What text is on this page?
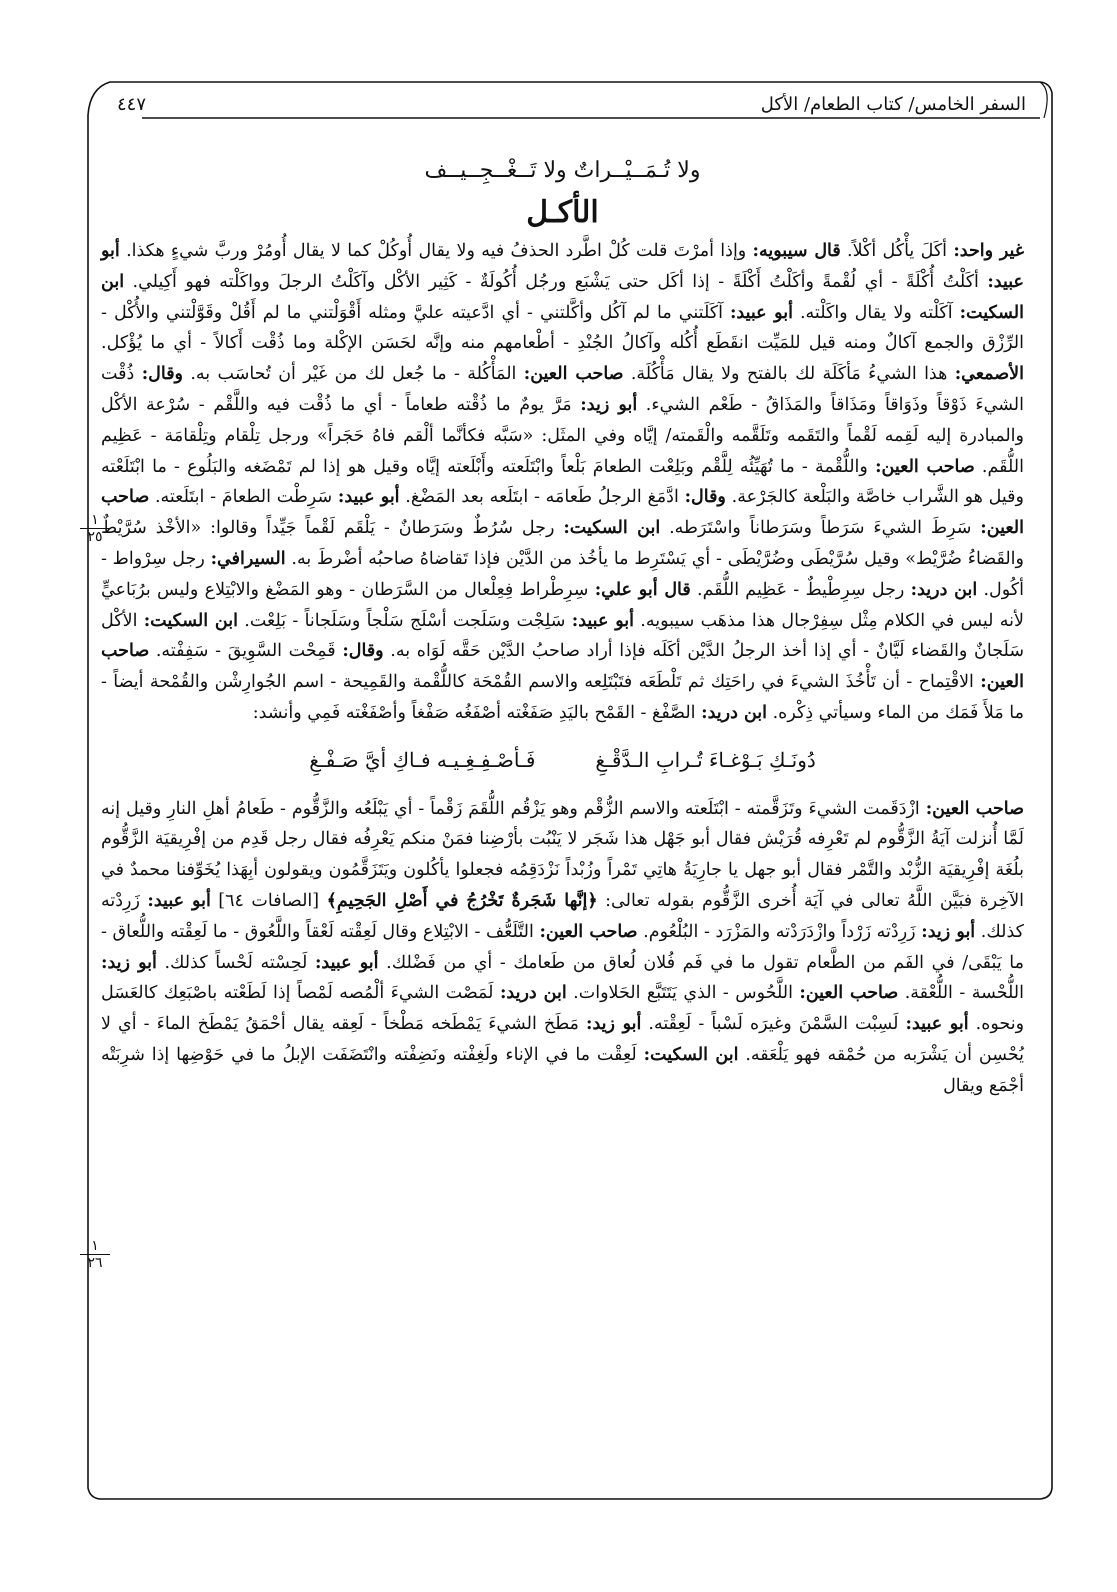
السفر الخامس/ كتاب الطعام/ الأكل
٤٤٧
ولا تُـمَــيْــراتٌ ولا تَــغْــجِــيــف
الأكـل

غير واحد: أكَلَ يأْكُل أكْلاً. قال سيبويه: وإذا أمرْتَ قلت كُلْ اطَّرد الحذفُ فيه ولا يقال أُوكُلْ كما لا يقال أُومُرْ وربَّ شيءٍ هكذا. أبو عبيد: أكَلْتُ أُكْلَةً - أي لُقْمةً وأكَلْتُ أَكْلَةً - إذا أكَل حتى يَشْبَع ورجُل أُكُولَةٌ - كَثِير الأكْل وآكَلْتُ الرجلَ وواكَلْته فهو أَكِيلي. ابن السكيت: آكَلْته ولا يقال واكَلْته. أبو عبيد: آكَلَتني ما لم آكُل وأكَّلتني - أي ادَّعيته عليَّ ومثله أَقْوَلْتني ما لم أَقُلْ وقَوَّلْتني والأُكْل - الرِّزْق والجمع آكالٌ ومنه قيل للمَيِّت انقَطَع أُكُله وآكالُ الجُنْدِ - أطْعامهم منه وإنَّه لحَسَن الإكْلة وما ذُقْت أَكالاً - أي ما يُؤْكل. الأصمعي: هذا الشيءُ مَأكَلَة لك بالفتح ولا يقال مَأْكُلَة. صاحب العين: المَأْكُلة - ما جُعل لك من غَيْر أن تُحاسَب به. وقال: ذُقْت الشيءَ ذَوْقاً وذَوَاقاً ومَذَاقاً والمَذَاقُ - طَعْم الشيء. أبو زيد: مَرَّ يومٌ ما ذُقْته طعاماً - أي ما ذُقْت فيه واللَّقْم - سُرْعة الأكْل والمبادرة إليه لَقِمه لَقْماً والتَقَمه وتَلَقَّمه والْقَمته/ إيَّاه وفي المثَل: «سَبَّه فكأنَّما ألْقم فاهُ حَجَراً» ورجل تِلْقام وتِلْقامَة - عَظِيم اللُّقَم. صاحب العين: واللُّقْمة - ما تُهَيِّئُه لِلَّقْم وبَلِعْت الطعامَ بَلْعاً وابْتَلَعته وأَبْلَعته إيَّاه وقيل هو إذا لم تَمْضَغه والبَلُوع - ما ابْتَلَعْته وقيل هو الشَّراب خاصَّة والبَلْعة كالجَرْعة. وقال: ادَّمَغ الرجلُ طَعامَه - ابتَلَعه بعد المَضْغ. أبو عبيد: سَرِطْت الطعامَ - ابتَلَعته. صاحب العين: سَرِطَ الشيءَ سَرَطاً وسَرَطاناً واسْتَرَطه. ابن السكيت: رجل سُرُطٌ وسَرَطانٌ - يَلْقَم لَقْماً جَيِّداً وقالوا: «الأخْذ سُرَّيْطٌ والقَضاءُ ضُرَّيْط» وقيل سُرَّيْطَى وضُرَّيْطَى - أي يَسْتَرِط ما يأخُذ من الدَّيْن فإذا تَقاضاهُ صاحبُه أضْرطَ به. السيرافي: رجل سِرْواط - أكُول. ابن دريد: رجل سِرِطْيطٌ - عَظِيم اللُّقَم. قال أبو علي: سِرِطْراط فِعِلْعال من السَّرَطان - وهو المَضْغ والابْتِلاع وليس برُبَاعيٍّ لأنه ليس في الكلام مِثْل سِفِرْجال هذا مذهَب سيبويه. أبو عبيد: سَلِجْت وسَلَجت أسْلَج سَلْجاً وسَلَجاناً - بَلِعْت. ابن السكيت: الأكْل سَلَجانٌ والقَضاء لَيَّانٌ - أي إذا أخذ الرجلُ الدَّيْن أكَلَه فإذا أراد صاحبُ الدَّيْن حَقَّه لَوَاه به. وقال: قَمِحْت السَّوِيقَ - سَفِفْته. صاحب العين: الاقْتِماح - أن تَأْخُذَ الشيءَ في راحَتِك ثم تَلْطَعَه فتَبْتَلِعه والاسم القُمْحَة كاللُّقْمة والقَمِيحة - اسم الجُوارِشْن والقُمْحة أيضاً - ما مَلأَ فَمَك من الماء وسيأتي ذِكْره. ابن دريد: الصَّفْغ - القَمْح باليَدِ صَفَغْته أصْفَغُه صَفْغاً وأصْفَغْته فَمِي وأنشد:

دُونَـكِ بَـوْغـاءَ تُـرابِ الـدَّقْـغِ
فَـأصْـفِـغِـيـه فـاكِ أيَّ صَـفْـغِ

صاحب العين: ازْدَقَمت الشيءَ وتَزَقَّمته - ابْتَلَعته والاسم الزُّقْم وهو يَزْقُم اللُّقَمَ زَقْماً - أي يَبْلَعُه والزَّقُّوم - طَعامُ أهلِ النارِ وقيل إنه لَمَّا أُنزلت آيَةُ الزَّقُّوم لم تَعْرِفه قُرَيْش فقال أبو جَهْل هذا شَجَر لا يَنْبُت بأرْضِنا فمَنْ منكم يَعْرِفُه فقال رجل قَدِم من إفْرِيقيَة الزَّقُّوم بلُغَة إفْرِيقيَة الزُّبْد والتَّمْر فقال أبو جهل يا جارِيَةُ هاتِي تَمْراً وزُبْداً نَزْدَقِمُه فجعلوا يأكُلون ويَتَزَقَّمُون ويقولون أبِهَذا يُخَوِّفنا محمدٌ في الآخِرة فبَيَّن اللَّهُ تعالى في آيَة أُخرى الزَّقُّوم بقوله تعالى: ﴿إنَّها شَجَرةٌ تَخْرُجُ في أَصْلِ الجَحِيمِ﴾ [الصافات ٦٤] أبو عبيد: زَرِدْته كذلك. أبو زيد: زَرِدْته زَرْداً وازْدَرَدْته والمَزْرَد - البُلْعُوم. صاحب العين: التَّلَعُّف - الابْتِلاع وقال لَعِقْته لَعْقاً واللَّعُوق - ما لَعِقْته واللُّعاق - ما يَبْقَى/ في الفَم من الطَّعام تقول ما في فَم فُلان لُعاق من طَعامك - أي من فَضْلك. أبو عبيد: لَحِسْته لَحْساً كذلك. أبو زيد: اللُّحْسة - اللُّعْقة. صاحب العين: اللَّحُوس - الذي يَتَتَبَّع الحَلاوات. ابن دريد: لَمَصْت الشيءَ ألْمُصه لَمْصاً إذا لَطَعْته باصْبَعِك كالعَسَل ونحوه. أبو عبيد: لَسِبْت السَّمْنَ وغيرَه لَسْباً - لَعِقْته. أبو زيد: مَطَخ الشيءَ يَمْطَخه مَطْخاً - لَعِقه يقال أحْمَقُ يَمْطَخ الماءَ - أي لا يُحْسِن أن يَشْرَبه من حُمْقه فهو يَلْعَقه. ابن السكيت: لَعِقْت ما في الإناء ولَغِفْته ونَضِفْته وانْتَضَفَت الإبلُ ما في حَوْضِها إذا شرِبَتْه أجْمَع ويقال

١
٢٥
١
٢٦
